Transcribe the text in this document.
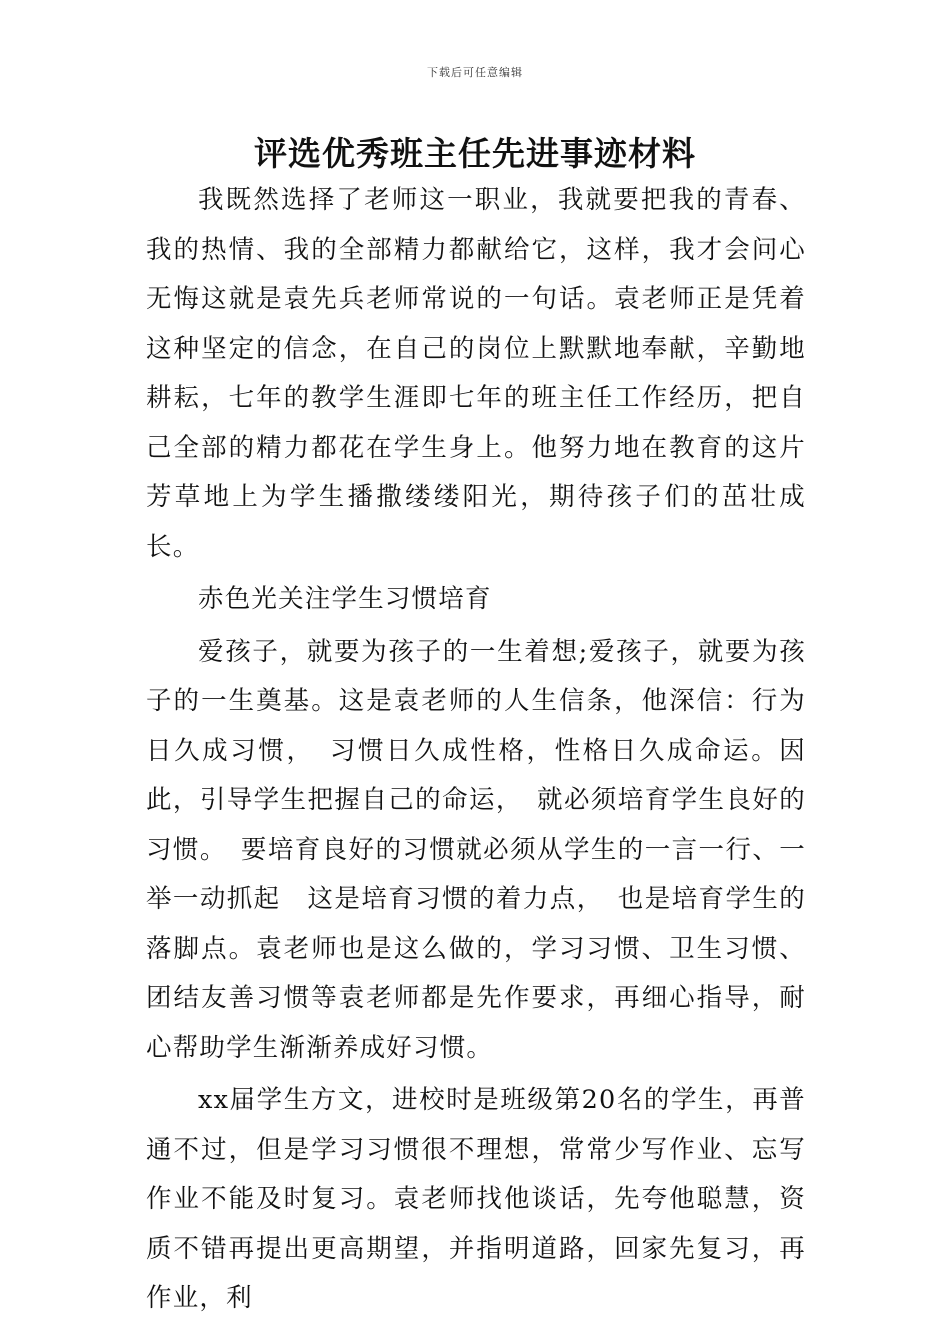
下载后可任意编辑
评选优秀班主任先进事迹材料

我既然选择了老师这一职业，我就要把我的青春、我的热情、我的全部精力都献给它，这样，我才会问心无悔这就是袁先兵老师常说的一句话。袁老师正是凭着这种坚定的信念，在自己的岗位上默默地奉献，辛勤地耕耘，七年的教学生涯即七年的班主任工作经历，把自己全部的精力都花在学生身上。他努力地在教育的这片芳草地上为学生播撒缕缕阳光，期待孩子们的茁壮成长。

赤色光关注学生习惯培育

爱孩子，就要为孩子的一生着想;爱孩子，就要为孩子的一生奠基。这是袁老师的人生信条，他深信：行为日久成习惯，　习惯日久成性格，性格日久成命运。因此，引导学生把握自己的命运，　就必须培育学生良好的习惯。　要培育良好的习惯就必须从学生的一言一行、一举一动抓起　这是培育习惯的着力点，　也是培育学生的落脚点。袁老师也是这么做的，学习习惯、卫生习惯、团结友善习惯等袁老师都是先作要求，再细心指导，耐心帮助学生渐渐养成好习惯。

xx届学生方文，进校时是班级第20名的学生，再普通不过，但是学习习惯很不理想，常常少写作业、忘写作业不能及时复习。袁老师找他谈话，先夸他聪慧，资质不错再提出更高期望，并指明道路，回家先复习，再作业，利
